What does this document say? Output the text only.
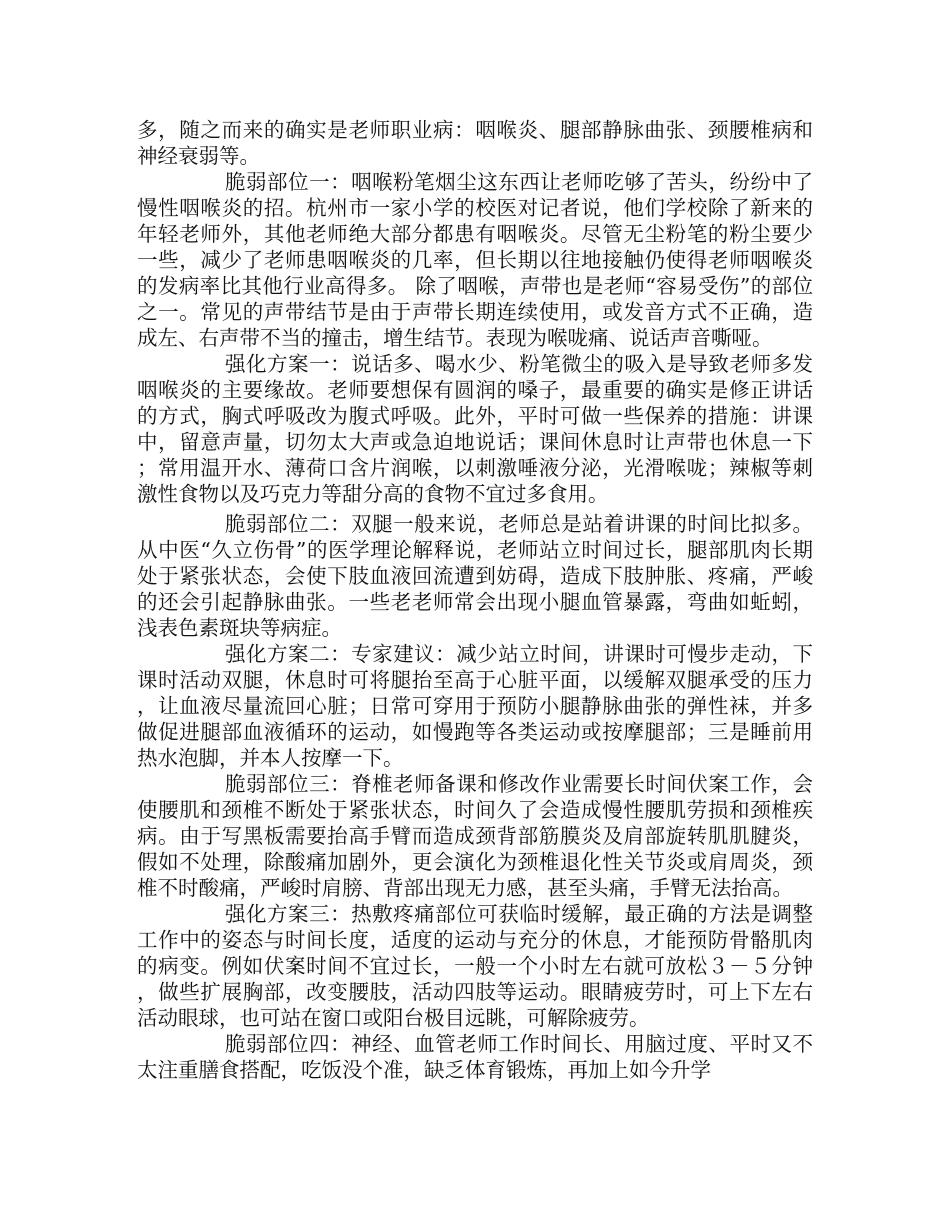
多，随之而来的确实是老师职业病：咽喉炎、腿部静脉曲张、颈腰椎病和神经衰弱等。

脆弱部位一：咽喉粉笔烟尘这东西让老师吃够了苦头，纷纷中了慢性咽喉炎的招。杭州市一家小学的校医对记者说，他们学校除了新来的年轻老师外，其他老师绝大部分都患有咽喉炎。尽管无尘粉笔的粉尘要少一些，减少了老师患咽喉炎的几率，但长期以往地接触仍使得老师咽喉炎的发病率比其他行业高得多。 除了咽喉，声带也是老师“容易受伤”的部位之一。常见的声带结节是由于声带长期连续使用，或发音方式不正确，造成左、右声带不当的撞击，增生结节。表现为喉咙痛、说话声音嘶哑。

强化方案一：说话多、喝水少、粉笔微尘的吸入是导致老师多发咽喉炎的主要缘故。老师要想保有圆润的嗓子，最重要的确实是修正讲话的方式，胸式呼吸改为腹式呼吸。此外，平时可做一些保养的措施：讲课中，留意声量，切勿太大声或急迫地说话；课间休息时让声带也休息一下；常用温开水、薄荷口含片润喉，以刺激唾液分泌，光滑喉咙；辣椒等刺激性食物以及巧克力等甜分高的食物不宜过多食用。

脆弱部位二：双腿一般来说，老师总是站着讲课的时间比拟多。从中医“久立伤骨”的医学理论解释说，老师站立时间过长，腿部肌肉长期处于紧张状态，会使下肢血液回流遭到妨碍，造成下肢肿胀、疼痛，严峻的还会引起静脉曲张。一些老老师常会出现小腿血管暴露，弯曲如蚯蚓，浅表色素斑块等病症。

强化方案二：专家建议：减少站立时间，讲课时可慢步走动，下课时活动双腿，休息时可将腿抬至高于心脏平面，以缓解双腿承受的压力，让血液尽量流回心脏；日常可穿用于预防小腿静脉曲张的弹性袜，并多做促进腿部血液循环的运动，如慢跑等各类运动或按摩腿部；三是睡前用热水泡脚，并本人按摩一下。

脆弱部位三：脊椎老师备课和修改作业需要长时间伏案工作，会使腰肌和颈椎不断处于紧张状态，时间久了会造成慢性腰肌劳损和颈椎疾病。由于写黑板需要抬高手臂而造成颈背部筋膜炎及肩部旋转肌肌腱炎，假如不处理，除酸痛加剧外，更会演化为颈椎退化性关节炎或肩周炎，颈椎不时酸痛，严峻时肩膀、背部出现无力感，甚至头痛，手臂无法抬高。

强化方案三：热敷疼痛部位可获临时缓解，最正确的方法是调整工作中的姿态与时间长度，适度的运动与充分的休息，才能预防骨骼肌肉的病变。例如伏案时间不宜过长，一般一个小时左右就可放松３－５分钟，做些扩展胸部，改变腰肢，活动四肢等运动。眼睛疲劳时，可上下左右活动眼球，也可站在窗口或阳台极目远眺，可解除疲劳。

脆弱部位四：神经、血管老师工作时间长、用脑过度、平时又不太注重膳食搭配，吃饭没个准，缺乏体育锻炼，再加上如今升学
